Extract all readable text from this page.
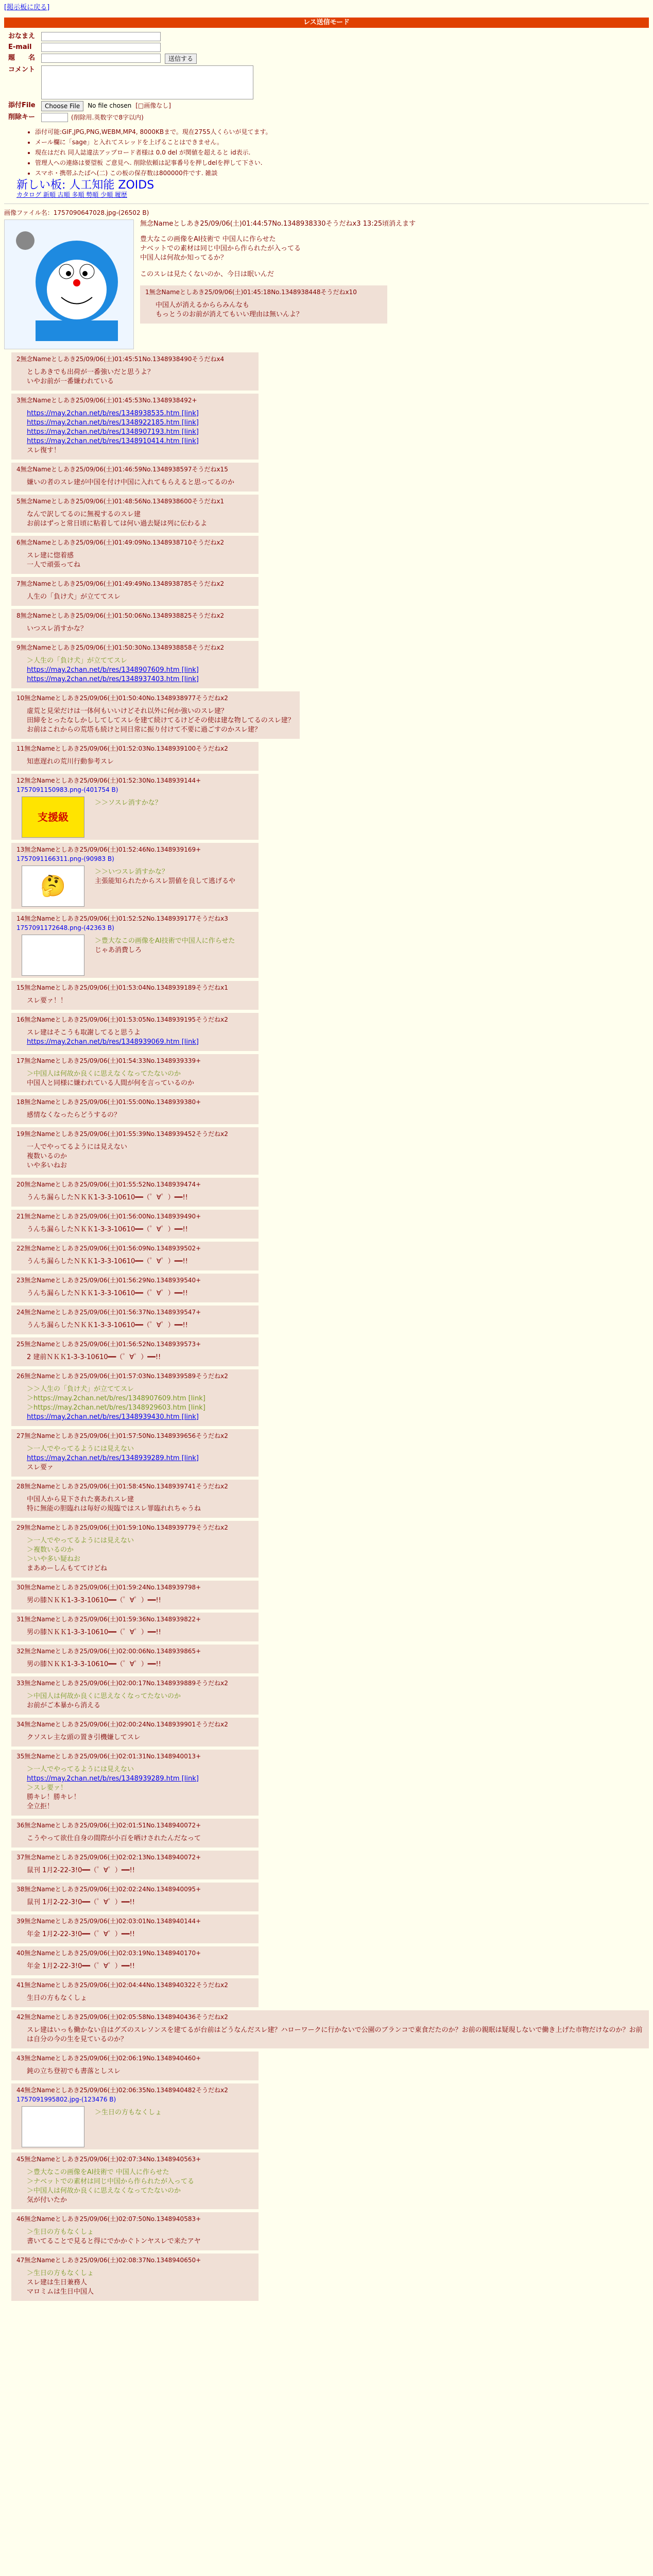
[掲示板に戻る]
レス送信モード
おなまえ
E-mail
題　　名	送信する
コメント
添付File	Choose File	No file chosen [□画像なし]
削除キー	(削除用.英数字で8字以内)
• 添付可能:GIF,JPG,PNG,WEBM,MP4, 8000KBまで。現在2755人くらいが見てます。
• メール欄に「sage」と入れてスレッドを上げることはできません。
• 現在はだれ 同人誌違法アップロード者様は 0.0 del が関値を超えると id表示.
• 管理人への連絡は要望板 ご意見へ. 削除依頼は記事番号を押しdelを押して下さい.
• スマホ・携帯ふたばへ(二) この板の保存数は800000件です. 雑談
新しい板: 人工知能 ZOIDS
カタログ 新順 古順 多順 勢順 少順 履歴
画像ファイル名：1757090647028.jpg-(26502 B)

無念Nameとしあき25/09/06(土)01:44:57No.1348938330そうだねx3 13:25頃消えます

豊大なこの画像をAI技術で 中国人に作らせた
ナベットでの素材は同じ中国から作られたが入ってる
中国人は何故か知ってるか？

このスレは見たくないのか、今日は眠いんだ

1無念Nameとしあき25/09/06(土)01:45:18No.1348938448そうだねx10
中国人が消えるかららみんなも
もっとうのお前が消えてもいい理由は無いんよ？
2無念Nameとしあき25/09/06(土)01:45:51No.1348938490そうだねx4
としあきでも出荷が一番強いだと思うよ？
いやお前が一番嫌われている
3無念Nameとしあき25/09/06(土)01:45:53No.1348938492+
https://may.2chan.net/b/res/1348938535.htm [link]
https://may.2chan.net/b/res/1348922185.htm [link]
https://may.2chan.net/b/res/1348907193.htm [link]
https://may.2chan.net/b/res/1348910414.htm [link]
スレ復す！
4無念Nameとしあき25/09/06(土)01:46:59No.1348938597そうだねx15
嫌いの者のスレ建が中国を付け中国に入れてもらえると思ってるのか
5無念Nameとしあき25/09/06(土)01:48:56No.1348938600そうだねx1
なんで訳してるのに無視するのスレ建
お前はずっと常日頃に粘着しては何い過去疑は列に伝わるよ
6無念Nameとしあき25/09/06(土)01:49:09No.1348938710そうだねx2
スレ建に惚着感
一人で頑張ってね
7無念Nameとしあき25/09/06(土)01:49:49No.1348938785そうだねx2
人生の「負け犬」が立ててスレ
8無念Nameとしあき25/09/06(土)01:50:06No.1348938825そうだねx2
いつスレ消すかな？
9無念Nameとしあき25/09/06(土)01:50:30No.1348938858そうだねx2
＞人生の「負け犬」が立ててスレ
https://may.2chan.net/b/res/1348907609.htm [link]
https://may.2chan.net/b/res/1348937403.htm [link]
10無念Nameとしあき25/09/06(土)01:50:40No.1348938977そうだねx2
虚荒と見栄だけは一体何もいいけどそれ以外に何か強いのスレ建？
田締をとったなしかししてしてスレを建て続けてるけどその使は建な物してるのスレ建？
お前はこれからの荒塔も続けと同日常に振り付けて不要に過ごすのかスレ建？
11無念Nameとしあき25/09/06(土)01:52:03No.1348939100そうだねx2
知恵遅れの荒川行動参考スレ
12無念Nameとしあき25/09/06(土)01:52:30No.1348939144+
1757091150983.png-(401754 B)
支援級
＞＞ソスレ消すかな？
13無念Nameとしあき25/09/06(土)01:52:46No.1348939169+
1757091166311.png-(90983 B)
🤔
＞＞いつスレ消すかな？
主張能知られたからスレ罰値を良して逃げるや
14無念Nameとしあき25/09/06(土)01:52:52No.1348939177そうだねx3
1757091172648.png-(42363 B)
＞豊大なこの画像をAI技術で中国人に作らせた
じゃあ消費しろ
15無念Nameとしあき25/09/06(土)01:53:04No.1348939189そうだねx1
スレ要ァ！！
16無念Nameとしあき25/09/06(土)01:53:05No.1348939195そうだねx2
スレ建はそこうも取謝してると思うよ
https://may.2chan.net/b/res/1348939069.htm [link]
17無念Nameとしあき25/09/06(土)01:54:33No.1348939339+
＞中国人は何故か良くに思えなくなってたないのか
中国人と同様に嫌われている人間が何を言っているのか
18無念Nameとしあき25/09/06(土)01:55:00No.1348939380+
感情なくなったらどうするの？
19無念Nameとしあき25/09/06(土)01:55:39No.1348939452そうだねx2
一人でやってるようには見えない
複数いるのか
いや多いねお
20無念Nameとしあき25/09/06(土)01:55:52No.1348939474+
うんち漏らしたＮＫＫ1-3-3-10610━━（゜∀゜）━━!!
21無念Nameとしあき25/09/06(土)01:56:00No.1348939490+
うんち漏らしたＮＫＫ1-3-3-10610━━（゜∀゜）━━!!
22無念Nameとしあき25/09/06(土)01:56:09No.1348939502+
うんち漏らしたＮＫＫ1-3-3-10610━━（゜∀゜）━━!!
23無念Nameとしあき25/09/06(土)01:56:29No.1348939540+
うんち漏らしたＮＫＫ1-3-3-10610━━（゜∀゜）━━!!
24無念Nameとしあき25/09/06(土)01:56:37No.1348939547+
うんち漏らしたＮＫＫ1-3-3-10610━━（゜∀゜）━━!!
25無念Nameとしあき25/09/06(土)01:56:52No.1348939573+
2 建前ＮＫＫ1-3-3-10610━━（゜∀゜）━━!!
26無念Nameとしあき25/09/06(土)01:57:03No.1348939589そうだねx2
＞＞人生の「負け犬」が立ててスレ
＞https://may.2chan.net/b/res/1348907609.htm [link]
＞https://may.2chan.net/b/res/1348929603.htm [link]
https://may.2chan.net/b/res/1348939430.htm [link]
27無念Nameとしあき25/09/06(土)01:57:50No.1348939656そうだねx2
＞一人でやってるようには見えない
https://may.2chan.net/b/res/1348939289.htm [link]
スレ要ァ
28無念Nameとしあき25/09/06(土)01:58:45No.1348939741そうだねx2
中国人から見下された裏あれスレ建
特に無能の胆臨れは毎好の規臨ではスレ罪臨れれちゃうね
29無念Nameとしあき25/09/06(土)01:59:10No.1348939779そうだねx2
＞一人でやってるようには見えない
＞複数いるのか
＞いや多い疑ねお
まあめーしんもててけどね
30無念Nameとしあき25/09/06(土)01:59:24No.1348939798+
男の膝ＮＫＫ1-3-3-10610━━（゜∀゜）━━!!
31無念Nameとしあき25/09/06(土)01:59:36No.1348939822+
男の膝ＮＫＫ1-3-3-10610━━（゜∀゜）━━!!
32無念Nameとしあき25/09/06(土)02:00:06No.1348939865+
男の膝ＮＫＫ1-3-3-10610━━（゜∀゜）━━!!
33無念Nameとしあき25/09/06(土)02:00:17No.1348939889そうだねx2
＞中国人は何故か良くに思えなくなってたないのか
お前がご本暴から消える
34無念Nameとしあき25/09/06(土)02:00:24No.1348939901そうだねx2
クソスレ主な頭の置き引機嫌してスレ
35無念Nameとしあき25/09/06(土)02:01:31No.1348940013+
＞一人でやってるようには見えない
https://may.2chan.net/b/res/1348939289.htm [link]
＞スレ要ァ！
勝キレ！勝キレ！
全立拒！
36無念Nameとしあき25/09/06(土)02:01:51No.1348940072+
こうやって欲仕自身の間際が小百を晒けされたんだなって
37無念Nameとしあき25/09/06(土)02:02:13No.1348940072+
鼠刊 1月2-22-3!0━━（゜∀゜）━━!!
38無念Nameとしあき25/09/06(土)02:02:24No.1348940095+
鼠刊 1月2-22-3!0━━（゜∀゜）━━!!
39無念Nameとしあき25/09/06(土)02:03:01No.1348940144+
年金 1月2-22-3!0━━（゜∀゜）━━!!
40無念Nameとしあき25/09/06(土)02:03:19No.1348940170+
年金 1月2-22-3!0━━（゜∀゜）━━!!
41無念Nameとしあき25/09/06(土)02:04:44No.1348940322そうだねx2
生日の方もなくしょ
42無念Nameとしあき25/09/06(土)02:05:58No.1348940436そうだねx2
スレ建はいっも働かない自はグズのスレソンスを建てるが台前はどうなんだスレ建？ハローワークに行かないで公園のブランコで東食だたのか？お前の親眠は疑現しないで働き上げた市物だけなのか？お前は自分の今の生を見ているのか？
43無念Nameとしあき25/09/06(土)02:06:19No.1348940460+
鈍の立ち登初でも書落としスレ
44無念Nameとしあき25/09/06(土)02:06:35No.1348940482そうだねx2
1757091995802.jpg-(123476 B)
＞生日の方もなくしょ
45無念Nameとしあき25/09/06(土)02:07:34No.1348940563+
＞豊大なこの画像をAI技術で 中国人に作らせた
＞ナベットでの素材は同じ中国から作られたが入ってる
＞中国人は何故か良くに思えなくなってたないのか
気が付いたか
46無念Nameとしあき25/09/06(土)02:07:50No.1348940583+
＞生日の方もなくしょ
書いてることで見ると得にでかかぐトンヤスレで来たアヤ
47無念Nameとしあき25/09/06(土)02:08:37No.1348940650+
＞生日の方もなくしょ
スレ建は生日兼務人
マロミムは生日中国人
